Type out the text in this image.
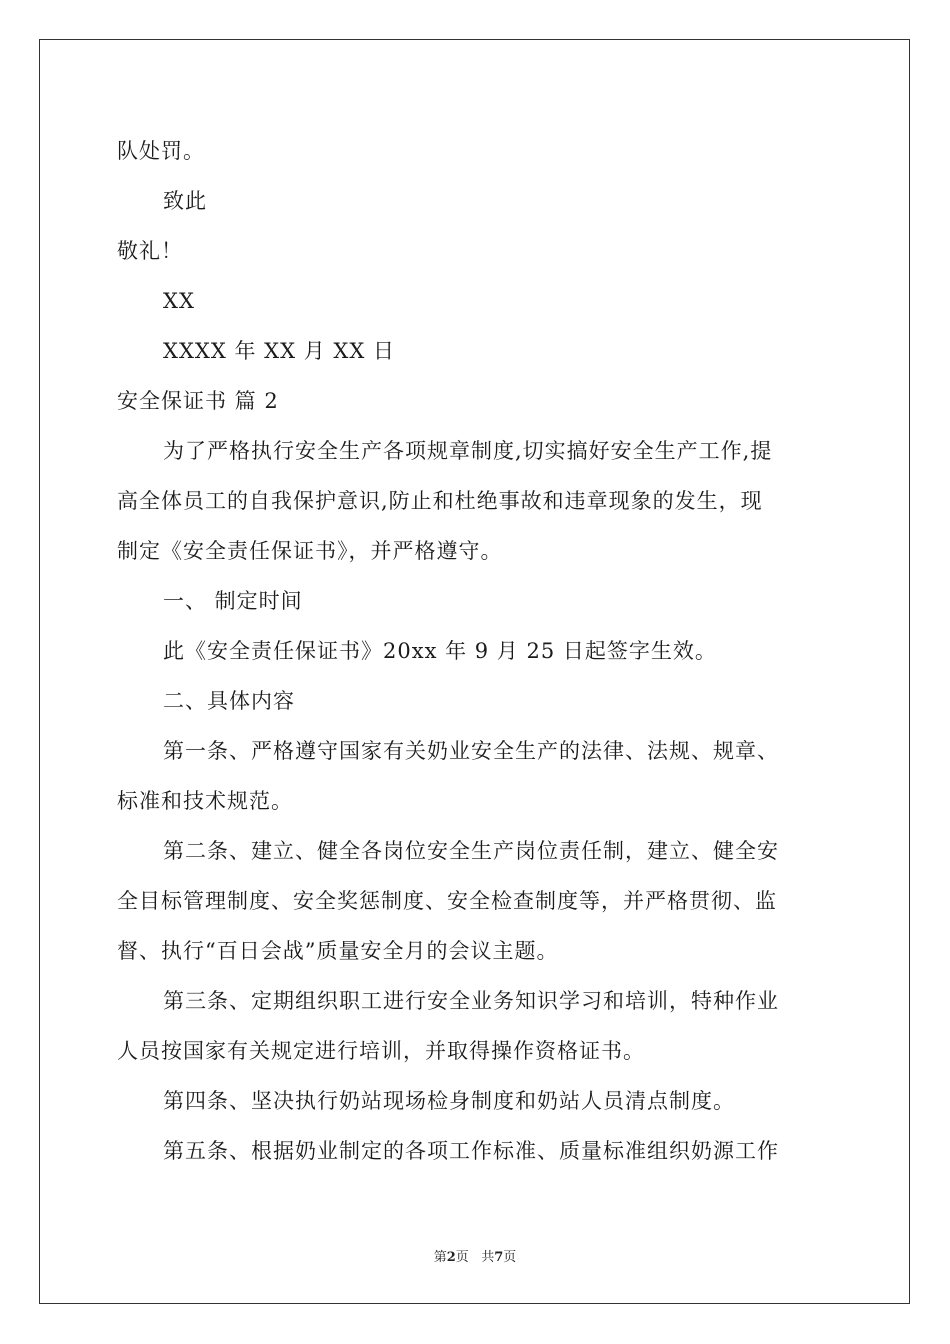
队处罚。
致此
敬礼！
XX
XXXX 年 XX 月 XX 日
安全保证书 篇 2
为了严格执行安全生产各项规章制度,切实搞好安全生产工作,提
高全体员工的自我保护意识,防止和杜绝事故和违章现象的发生，现
制定《安全责任保证书》，并严格遵守。
一、 制定时间
此《安全责任保证书》20xx 年 9 月 25 日起签字生效。
二、具体内容
第一条、严格遵守国家有关奶业安全生产的法律、法规、规章、
标准和技术规范。
第二条、建立、健全各岗位安全生产岗位责任制，建立、健全安
全目标管理制度、安全奖惩制度、安全检查制度等，并严格贯彻、监
督、执行“百日会战”质量安全月的会议主题。
第三条、定期组织职工进行安全业务知识学习和培训，特种作业
人员按国家有关规定进行培训，并取得操作资格证书。
第四条、坚决执行奶站现场检身制度和奶站人员清点制度。
第五条、根据奶业制定的各项工作标准、质量标准组织奶源工作
第2页 共7页
